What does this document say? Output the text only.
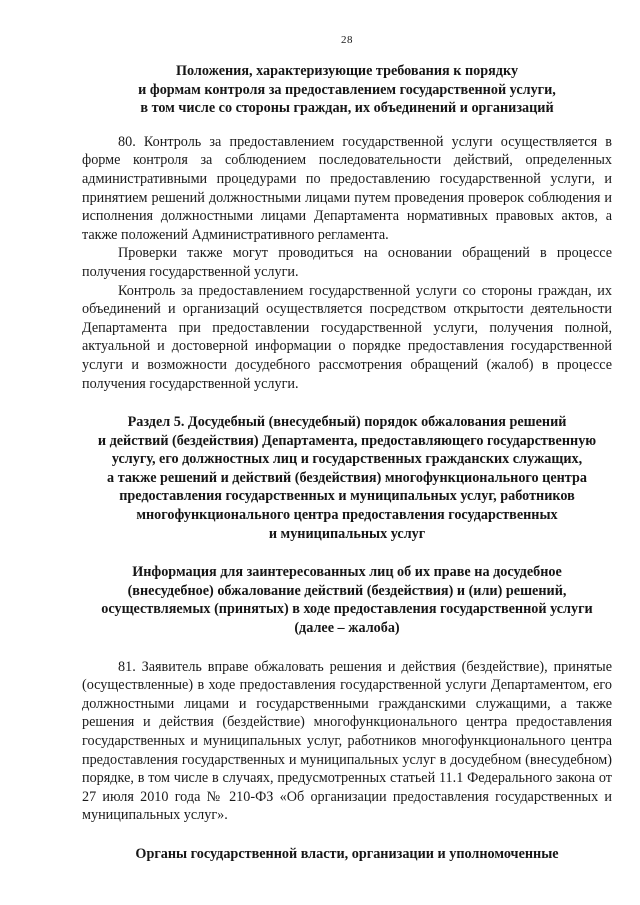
28
Положения, характеризующие требования к порядку
и формам контроля за предоставлением государственной услуги,
в том числе со стороны граждан, их объединений и организаций

80. Контроль за предоставлением государственной услуги осуществляется в форме контроля за соблюдением последовательности действий, определенных административными процедурами по предоставлению государственной услуги, и принятием решений должностными лицами путем проведения проверок соблюдения и исполнения должностными лицами Департамента нормативных правовых актов, а также положений Административного регламента.

Проверки также могут проводиться на основании обращений в процессе получения государственной услуги.

Контроль за предоставлением государственной услуги со стороны граждан, их объединений и организаций осуществляется посредством открытости деятельности Департамента при предоставлении государственной услуги, получения полной, актуальной и достоверной информации о порядке предоставления государственной услуги и возможности досудебного рассмотрения обращений (жалоб) в процессе получения государственной услуги.

Раздел 5. Досудебный (внесудебный) порядок обжалования решений
и действий (бездействия) Департамента, предоставляющего государственную
услугу, его должностных лиц и государственных гражданских служащих,
а также решений и действий (бездействия) многофункционального центра
предоставления государственных и муниципальных услуг, работников
многофункционального центра предоставления государственных
и муниципальных услуг
Информация для заинтересованных лиц об их праве на досудебное
(внесудебное) обжалование действий (бездействия) и (или) решений,
осуществляемых (принятых) в ходе предоставления государственной услуги
(далее – жалоба)

81. Заявитель вправе обжаловать решения и действия (бездействие), принятые (осуществленные) в ходе предоставления государственной услуги Департаментом, его должностными лицами и государственными гражданскими служащими, а также решения и действия (бездействие) многофункционального центра предоставления государственных и муниципальных услуг, работников многофункционального центра предоставления государственных и муниципальных услуг в досудебном (внесудебном) порядке, в том числе в случаях, предусмотренных статьей 11.1 Федерального закона от 27 июля 2010 года № 210-ФЗ «Об организации предоставления государственных и муниципальных услуг».

Органы государственной власти, организации и уполномоченные
